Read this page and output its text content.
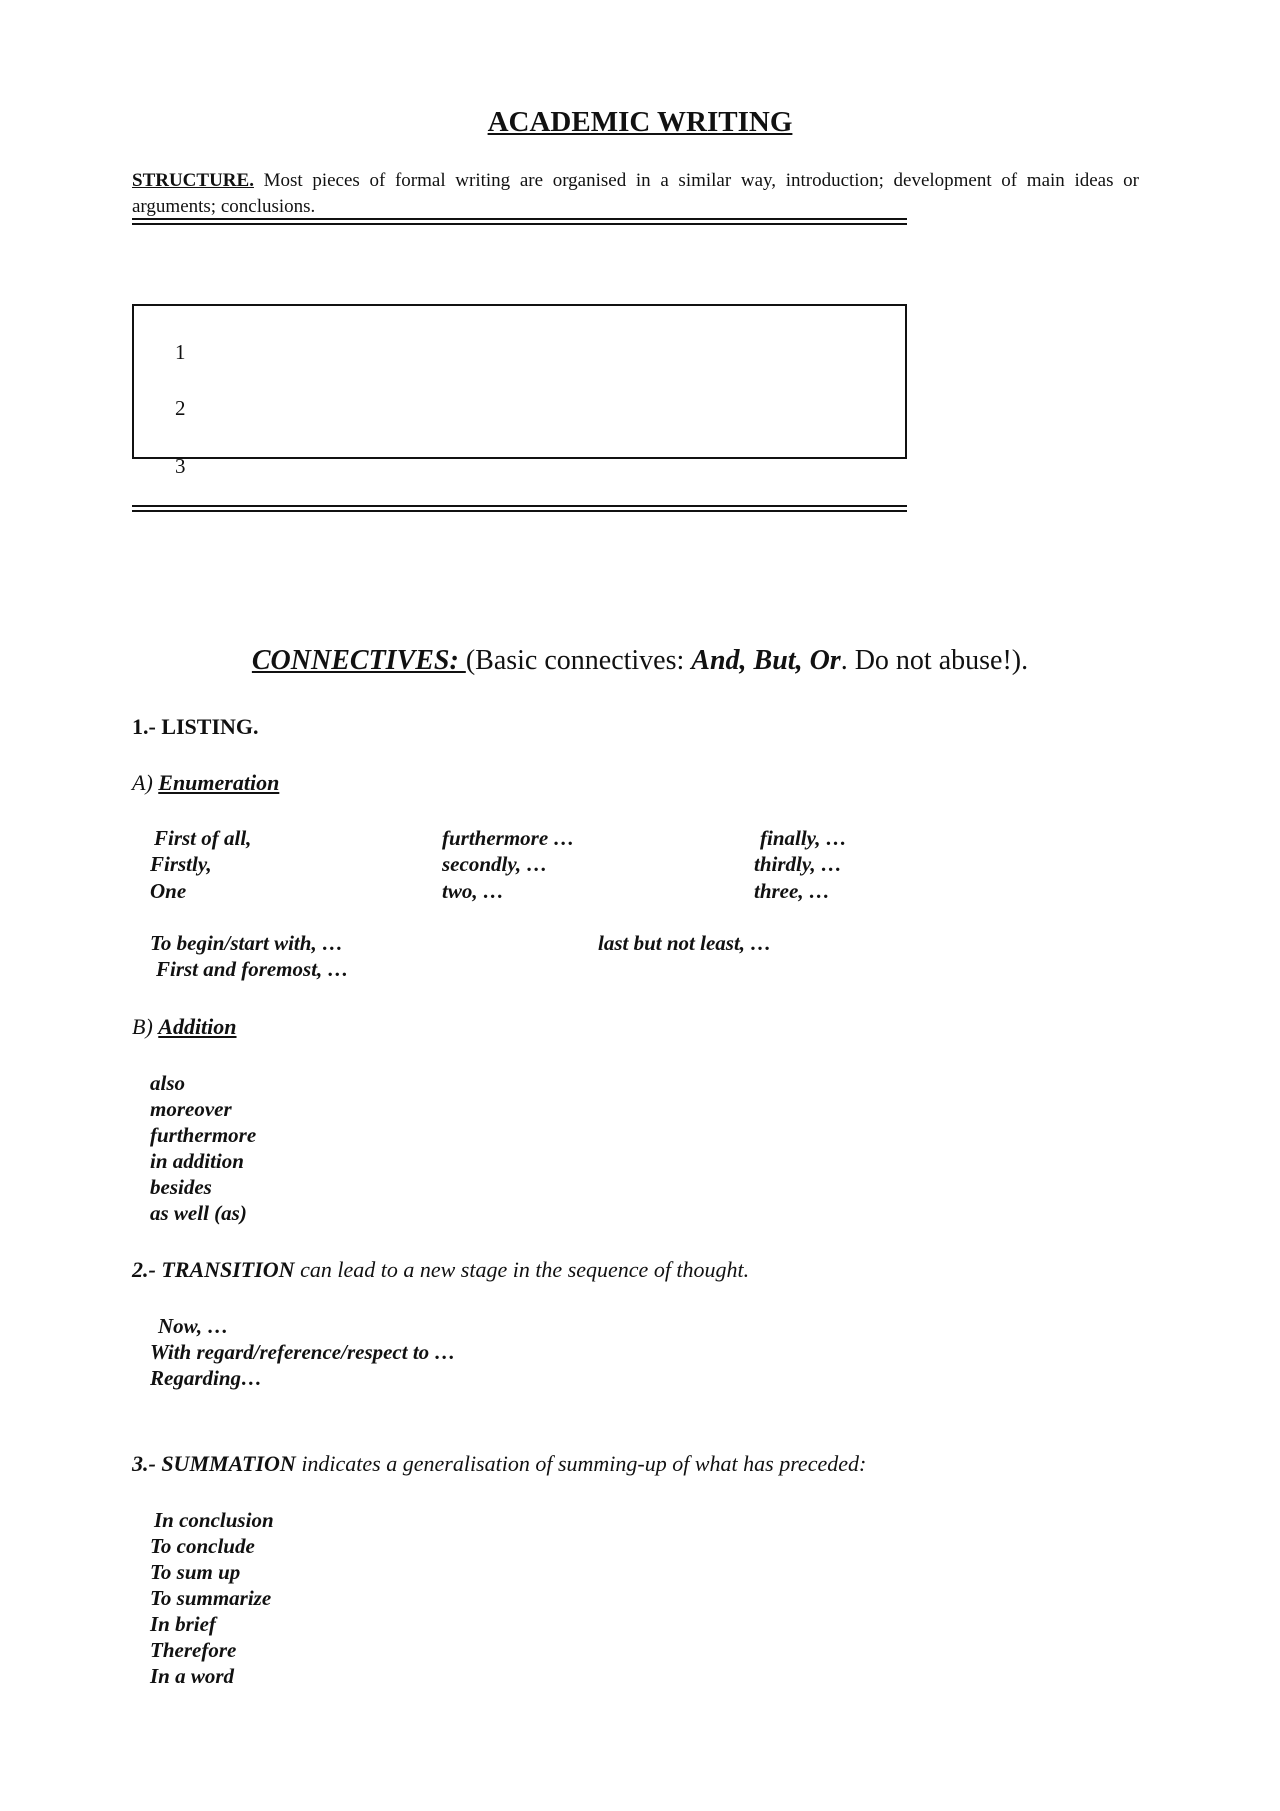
ACADEMIC WRITING
STRUCTURE. Most pieces of formal writing are organised in a similar way, introduction; development of main ideas or arguments; conclusions.
1
2
3
CONNECTIVES: (Basic connectives: And, But, Or. Do not abuse!).
1.- LISTING.
A) Enumeration
First of all,
Firstly,
One
furthermore …
secondly, …
two, …
finally, …
thirdly, …
three, …
To begin/start with, …
First and foremost, …
last but not least, …
B) Addition
also
moreover
furthermore
in addition
besides
as well (as)
2.- TRANSITION can lead to a new stage in the sequence of thought.
Now, …
With regard/reference/respect to …
Regarding…
3.- SUMMATION indicates a generalisation of summing-up of what has preceded:
In conclusion
To conclude
To sum up
To summarize
In brief
Therefore
In a word
